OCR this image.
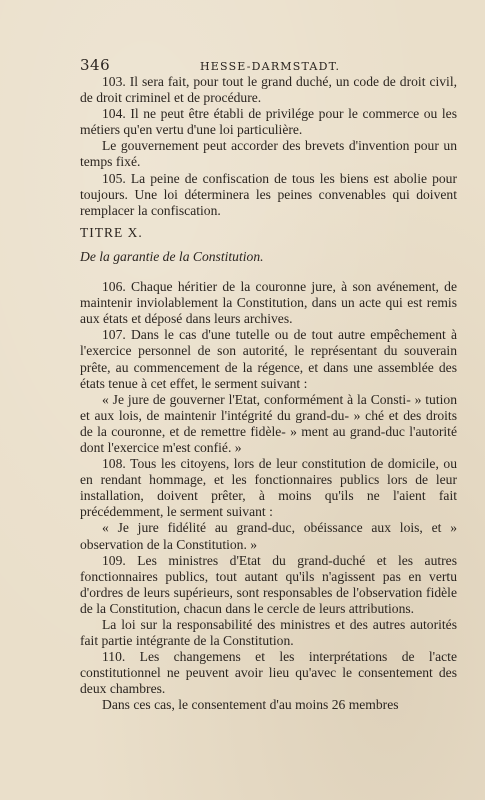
346	HESSE-DARMSTADT.

103. Il sera fait, pour tout le grand duché, un code de droit civil, de droit criminel et de procédure.

104. Il ne peut être établi de privilége pour le commerce ou les métiers qu'en vertu d'une loi particulière.

Le gouvernement peut accorder des brevets d'invention pour un temps fixé.

105. La peine de confiscation de tous les biens est abolie pour toujours. Une loi déterminera les peines convenables qui doivent remplacer la confiscation.

TITRE X.
De la garantie de la Constitution.

106. Chaque héritier de la couronne jure, à son avénement, de maintenir inviolablement la Constitution, dans un acte qui est remis aux états et déposé dans leurs archives.

107. Dans le cas d'une tutelle ou de tout autre empêchement à l'exercice personnel de son autorité, le représentant du souverain prête, au commencement de la régence, et dans une assemblée des états tenue à cet effet, le serment suivant :

« Je jure de gouverner l'Etat, conformément à la Consti- » tution et aux lois, de maintenir l'intégrité du grand-du- » ché et des droits de la couronne, et de remettre fidèle- » ment au grand-duc l'autorité dont l'exercice m'est confié. »

108. Tous les citoyens, lors de leur constitution de domicile, ou en rendant hommage, et les fonctionnaires publics lors de leur installation, doivent prêter, à moins qu'ils ne l'aient fait précédemment, le serment suivant :

« Je jure fidélité au grand-duc, obéissance aux lois, et » observation de la Constitution. »

109. Les ministres d'Etat du grand-duché et les autres fonctionnaires publics, tout autant qu'ils n'agissent pas en vertu d'ordres de leurs supérieurs, sont responsables de l'observation fidèle de la Constitution, chacun dans le cercle de leurs attributions.

La loi sur la responsabilité des ministres et des autres autorités fait partie intégrante de la Constitution.

110. Les changemens et les interprétations de l'acte constitutionnel ne peuvent avoir lieu qu'avec le consentement des deux chambres.

Dans ces cas, le consentement d'au moins 26 membres
